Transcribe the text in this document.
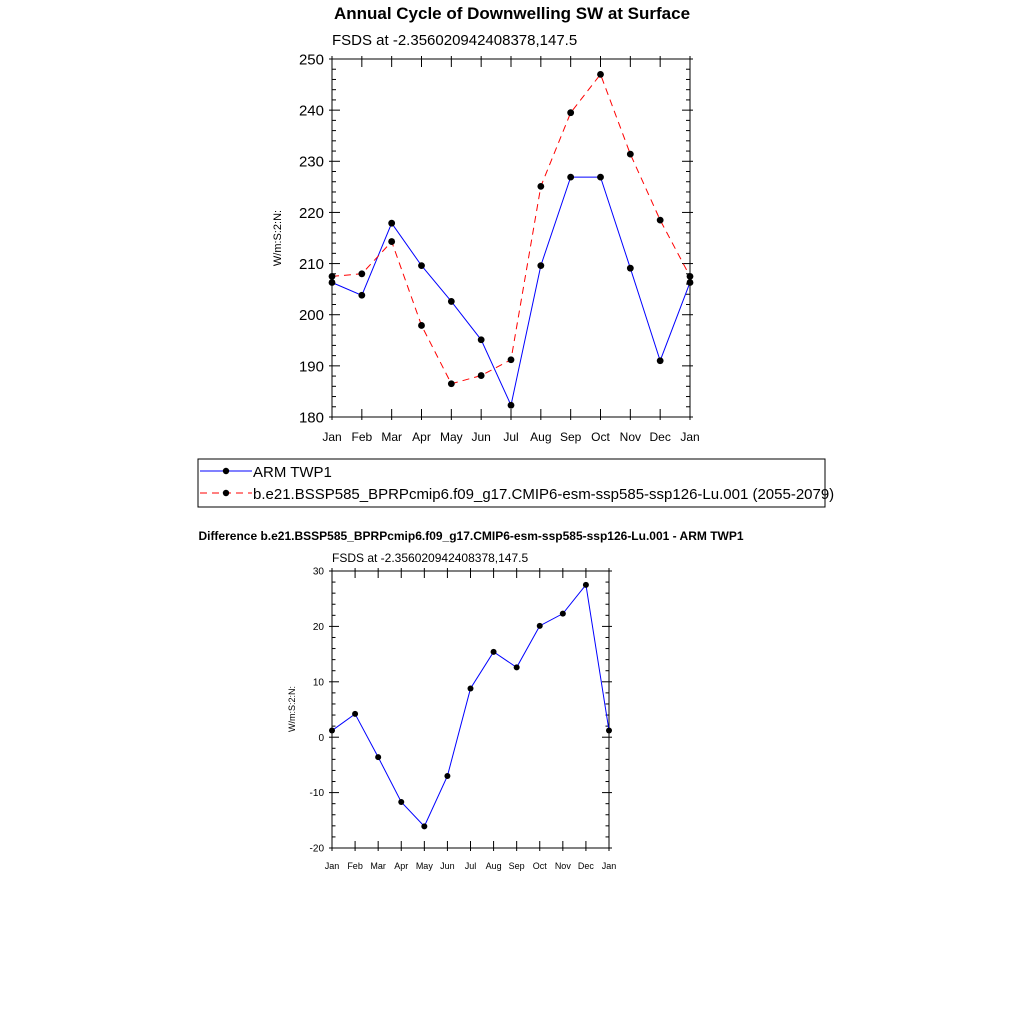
Annual Cycle of Downwelling SW at Surface
FSDS at -2.356020942408378,147.5
W/m:S:2:N:
180
190
200
210
220
230
240
250
Jan Feb Mar Apr May Jun Jul Aug Sep Oct Nov Dec Jan
ARM TWP1
b.e21.BSSP585_BPRPcmip6.f09_g17.CMIP6-esm-ssp585-ssp126-Lu.001 (2055-2079)
Difference b.e21.BSSP585_BPRPcmip6.f09_g17.CMIP6-esm-ssp585-ssp126-Lu.001 - ARM TWP1
FSDS at -2.356020942408378,147.5
W/m:S:2:N:
-20
-10
0
10
20
30
Jan Feb Mar Apr May Jun Jul Aug Sep Oct Nov Dec Jan
